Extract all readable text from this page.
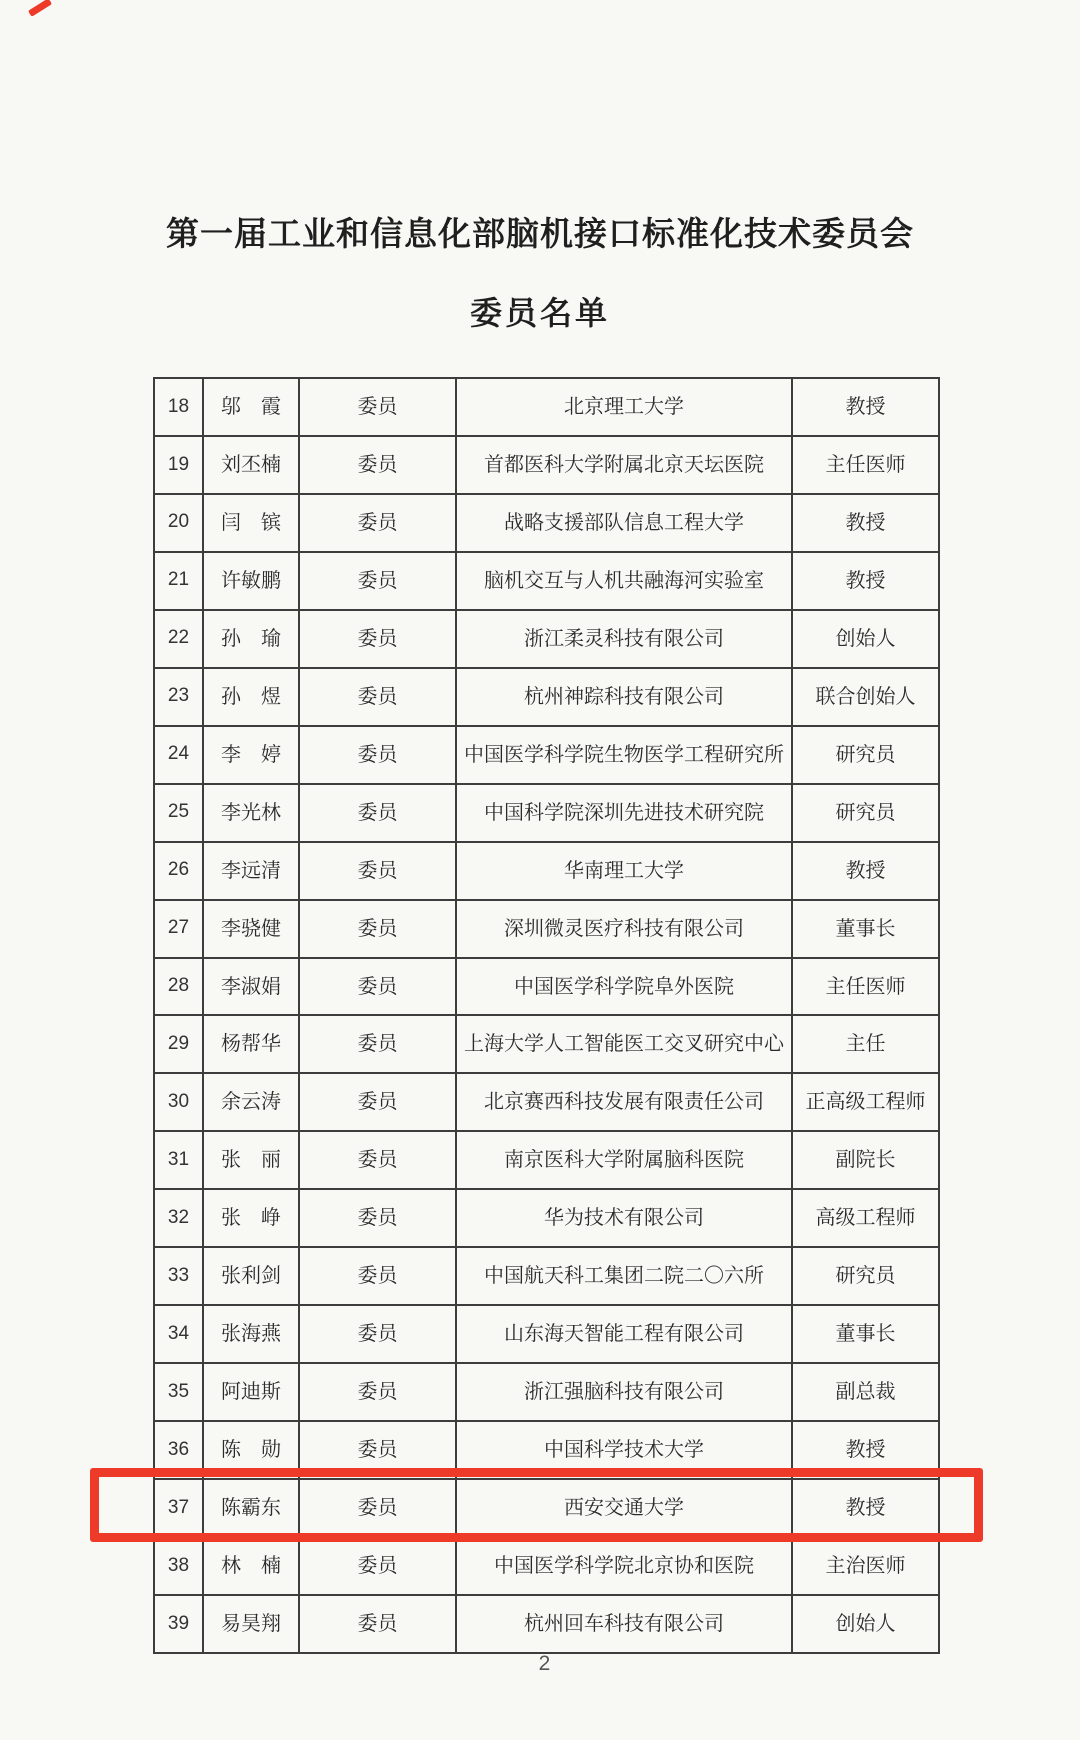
第一届工业和信息化部脑机接口标准化技术委员会
委员名单
18	邬　霞	委员	北京理工大学	教授
19	刘丕楠	委员	首都医科大学附属北京天坛医院	主任医师
20	闫　镔	委员	战略支援部队信息工程大学	教授
21	许敏鹏	委员	脑机交互与人机共融海河实验室	教授
22	孙　瑜	委员	浙江柔灵科技有限公司	创始人
23	孙　煜	委员	杭州神踪科技有限公司	联合创始人
24	李　婷	委员	中国医学科学院生物医学工程研究所	研究员
25	李光林	委员	中国科学院深圳先进技术研究院	研究员
26	李远清	委员	华南理工大学	教授
27	李骁健	委员	深圳微灵医疗科技有限公司	董事长
28	李淑娟	委员	中国医学科学院阜外医院	主任医师
29	杨帮华	委员	上海大学人工智能医工交叉研究中心	主任
30	余云涛	委员	北京赛西科技发展有限责任公司	正高级工程师
31	张　丽	委员	南京医科大学附属脑科医院	副院长
32	张　峥	委员	华为技术有限公司	高级工程师
33	张利剑	委员	中国航天科工集团二院二〇六所	研究员
34	张海燕	委员	山东海天智能工程有限公司	董事长
35	阿迪斯	委员	浙江强脑科技有限公司	副总裁
36	陈　勋	委员	中国科学技术大学	教授
37	陈霸东	委员	西安交通大学	教授
38	林　楠	委员	中国医学科学院北京协和医院	主治医师
39	易昊翔	委员	杭州回车科技有限公司	创始人
2
